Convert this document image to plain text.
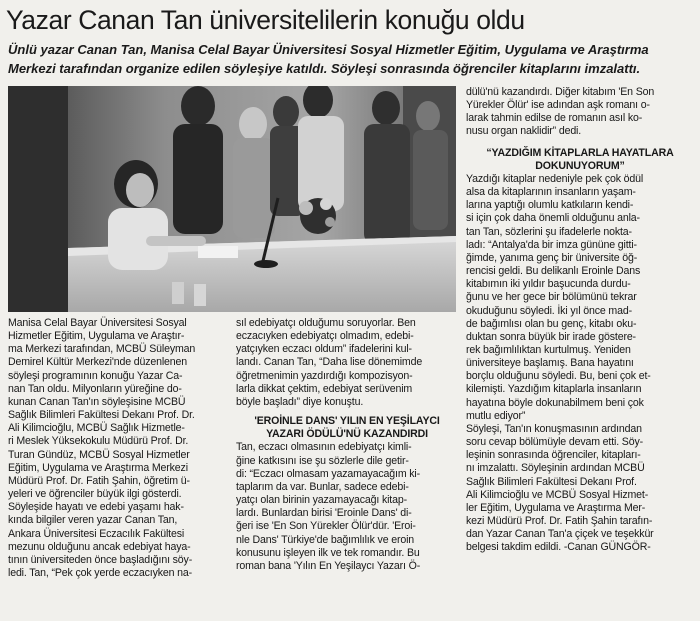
Yazar Canan Tan üniversitelilerin konuğu oldu
Ünlü yazar Canan Tan, Manisa Celal Bayar Üniversitesi Sosyal Hizmetler Eğitim, Uygulama ve Araştırma
Merkezi tarafından organize edilen söyleşiye katıldı. Söyleşi sonrasında öğrenciler kitaplarını imzalattı.
Manisa Celal Bayar Üniversitesi Sosyal
Hizmetler Eğitim, Uygulama ve Araştır-
ma Merkezi tarafından, MCBÜ Süleyman
Demirel Kültür Merkezi'nde düzenlenen
söyleşi programının konuğu Yazar Ca-
nan Tan oldu. Milyonların yüreğine do-
kunan Canan Tan'ın söyleşisine MCBÜ
Sağlık Bilimleri Fakültesi Dekanı Prof. Dr.
Ali Kilimcioğlu, MCBÜ Sağlık Hizmetle-
ri Meslek Yüksekokulu Müdürü Prof. Dr.
Turan Gündüz, MCBÜ Sosyal Hizmetler
Eğitim, Uygulama ve Araştırma Merkezi
Müdürü Prof. Dr. Fatih Şahin, öğretim ü-
yeleri ve öğrenciler büyük ilgi gösterdi.
Söyleşide hayatı ve edebi yaşamı hak-
kında bilgiler veren yazar Canan Tan,
Ankara Üniversitesi Eczacılık Fakültesi
mezunu olduğunu ancak edebiyat haya-
tının üniversiteden önce başladığını söy-
ledi. Tan, “Pek çok yerde eczacıyken na-
sıl edebiyatçı olduğumu soruyorlar. Ben
eczacıyken edebiyatçı olmadım, edebi-
yatçıyken eczacı oldum” ifadelerini kul-
landı. Canan Tan, “Daha lise dönemimde
öğretmenimin yazdırdığı kompozisyon-
larla dikkat çektim, edebiyat serüvenim
böyle başladı” diye konuştu.
'EROİNLE DANS' YILIN EN YEŞİLAYCI
YAZARI ÖDÜLÜ'NÜ KAZANDIRDI
Tan, eczacı olmasının edebiyatçı kimli-
ğine katkısını ise şu sözlerle dile getir-
di: “Eczacı olmasam yazamayacağım ki-
taplarım da var. Bunlar, sadece edebi-
yatçı olan birinin yazamayacağı kitap-
lardı. Bunlardan birisi 'Eroinle Dans' di-
ğeri ise 'En Son Yürekler Ölür'dür. 'Eroi-
nle Dans' Türkiye'de bağımlılık ve eroin
konusunu işleyen ilk ve tek romandır. Bu
roman bana 'Yılın En Yeşilaycı Yazarı Ö-
dülü'nü kazandırdı. Diğer kitabım 'En Son
Yürekler Ölür' ise adından aşk romanı o-
larak tahmin edilse de romanın asıl ko-
nusu organ nakli​dir” dedi.
“YAZDIĞIM KİTAPLARLA HAYATLARA
DOKUNUYORUM”
Yazdığı kitaplar nedeniyle pek çok ödül
alsa da kitaplarının insanların yaşam-
larına yaptığı olumlu katkıların kendi-
si için çok daha önemli olduğunu anla-
tan Tan, sözlerini şu ifadelerle nokta-
ladı: “Antalya'da bir imza gününe gitti-
ğimde, yanıma genç bir üniversite öğ-
rencisi geldi. Bu delikanlı Eroinle Dans
kitabımın iki yıldır başucunda durdu-
ğunu ve her gece bir bölümünü tekrar
okuduğunu söyledi. İki yıl önce mad-
de bağımlısı olan bu genç, kitabı oku-
duktan sonra büyük bir irade gösterе-
rek bağımlılıktan kurtulmuş. Yeniden
üniversiteye başlamış. Bana hayatını
borçlu olduğunu söyledi. Bu, beni çok et-
kilemişti. Yazdığım kitaplarla insanların
hayatına böyle dokunabilmem beni çok
mutlu ediyor”
Söyleşi, Tan'ın konuşmasının ardından
soru cevap bölümüyle devam etti. Söy-
leşinin sonrasında öğrenciler, kitapları-
nı imzalattı. Söyleşinin ardından MCBÜ
Sağlık Bilimleri Fakültesi Dekanı Prof.
Ali Kilimcioğlu ve MCBÜ Sosyal Hizmet-
ler Eğitim, Uygulama ve Araştırma Mer-
kezi Müdürü Prof. Dr. Fatih Şahin tarafın-
dan Yazar Canan Tan'a çiçek ve teşekkür
belgesi takdim edildi. -Canan GÜNGÖR-
